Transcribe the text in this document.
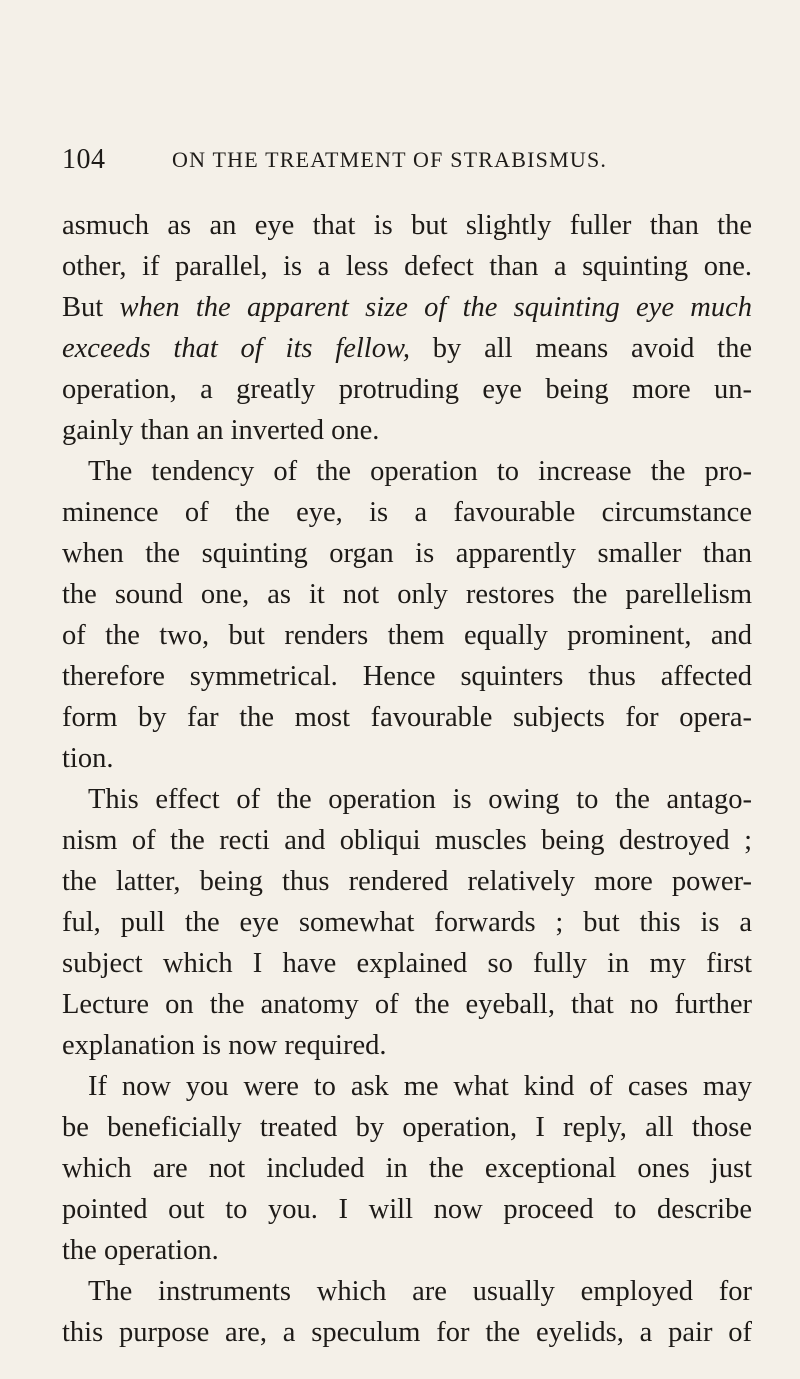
104	ON THE TREATMENT OF STRABISMUS.
asmuch as an eye that is but slightly fuller than the
other, if parallel, is a less defect than a squinting one.
But when the apparent size of the squinting eye much
exceeds that of its fellow, by all means avoid the
operation, a greatly protruding eye being more un-
gainly than an inverted one.
The tendency of the operation to increase the pro-
minence of the eye, is a favourable circumstance
when the squinting organ is apparently smaller than
the sound one, as it not only restores the parellelism
of the two, but renders them equally prominent, and
therefore symmetrical. Hence squinters thus affected
form by far the most favourable subjects for opera-
tion.
This effect of the operation is owing to the antago-
nism of the recti and obliqui muscles being destroyed ;
the latter, being thus rendered relatively more power-
ful, pull the eye somewhat forwards ; but this is a
subject which I have explained so fully in my first
Lecture on the anatomy of the eyeball, that no further
explanation is now required.
If now you were to ask me what kind of cases may
be beneficially treated by operation, I reply, all those
which are not included in the exceptional ones just
pointed out to you. I will now proceed to describe
the operation.
The instruments which are usually employed for
this purpose are, a speculum for the eyelids, a pair of
